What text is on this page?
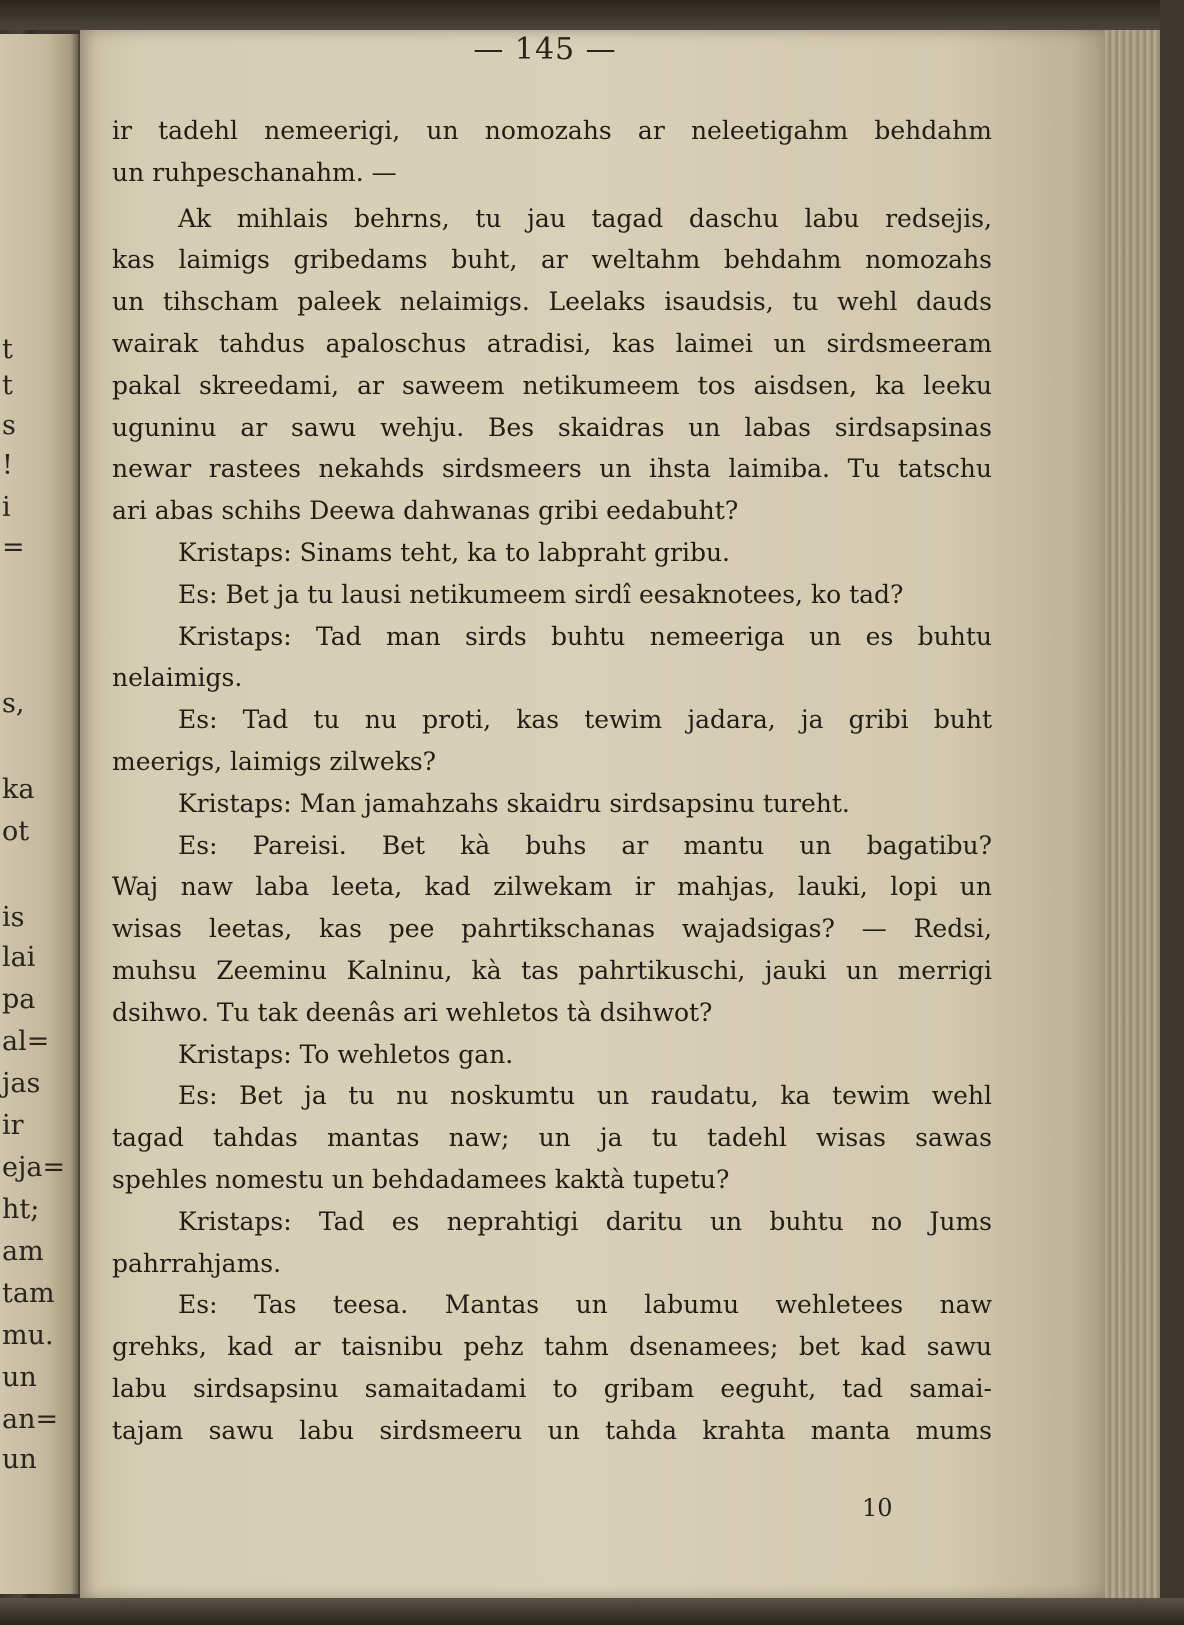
t
t
s
!
i
=
s,
ka
ot
is
lai
pa
al=
jas
ir
eja=
ht;
am
tam
mu.
un
an=
un
— 145 —
ir tadehl nemeerigi, un nomozahs ar neleetigahm behdahm
un ruhpeschanahm. —
Ak mihlais behrns, tu jau tagad daschu labu redsejis,
kas laimigs gribedams buht, ar weltahm behdahm nomozahs
un tihscham paleek nelaimigs. Leelaks isaudsis, tu wehl dauds
wairak tahdus apaloschus atradisi, kas laimei un sirdsmeeram
pakal skreedami, ar saweem netikumeem tos aisdsen, ka leeku
uguninu ar sawu wehju. Bes skaidras un labas sirdsapsinas
newar rastees nekahds sirdsmeers un ihsta laimiba. Tu tatschu
ari abas schihs Deewa dahwanas gribi eedabuht?
Kristaps: Sinams teht, ka to labpraht gribu.
Es: Bet ja tu lausi netikumeem sirdî eesaknotees, ko tad?
Kristaps: Tad man sirds buhtu nemeeriga un es buhtu
nelaimigs.
Es: Tad tu nu proti, kas tewim jadara, ja gribi buht
meerigs, laimigs zilweks?
Kristaps: Man jamahzahs skaidru sirdsapsinu tureht.
Es: Pareisi. Bet kà buhs ar mantu un bagatibu?
Waj naw laba leeta, kad zilwekam ir mahjas, lauki, lopi un
wisas leetas, kas pee pahrtikschanas wajadsigas? — Redsi,
muhsu Zeeminu Kalninu, kà tas pahrtikuschi, jauki un merrigi
dsihwo. Tu tak deenâs ari wehletos tà dsihwot?
Kristaps: To wehletos gan.
Es: Bet ja tu nu noskumtu un raudatu, ka tewim wehl
tagad tahdas mantas naw; un ja tu tadehl wisas sawas
spehles nomestu un behdadamees kaktà tupetu?
Kristaps: Tad es neprahtigi daritu un buhtu no Jums
pahrrahjams.
Es: Tas teesa. Mantas un labumu wehletees naw
grehks, kad ar taisnibu pehz tahm dsenamees; bet kad sawu
labu sirdsapsinu samaitadami to gribam eeguht, tad samai-
tajam sawu labu sirdsmeeru un tahda krahta manta mums
10
